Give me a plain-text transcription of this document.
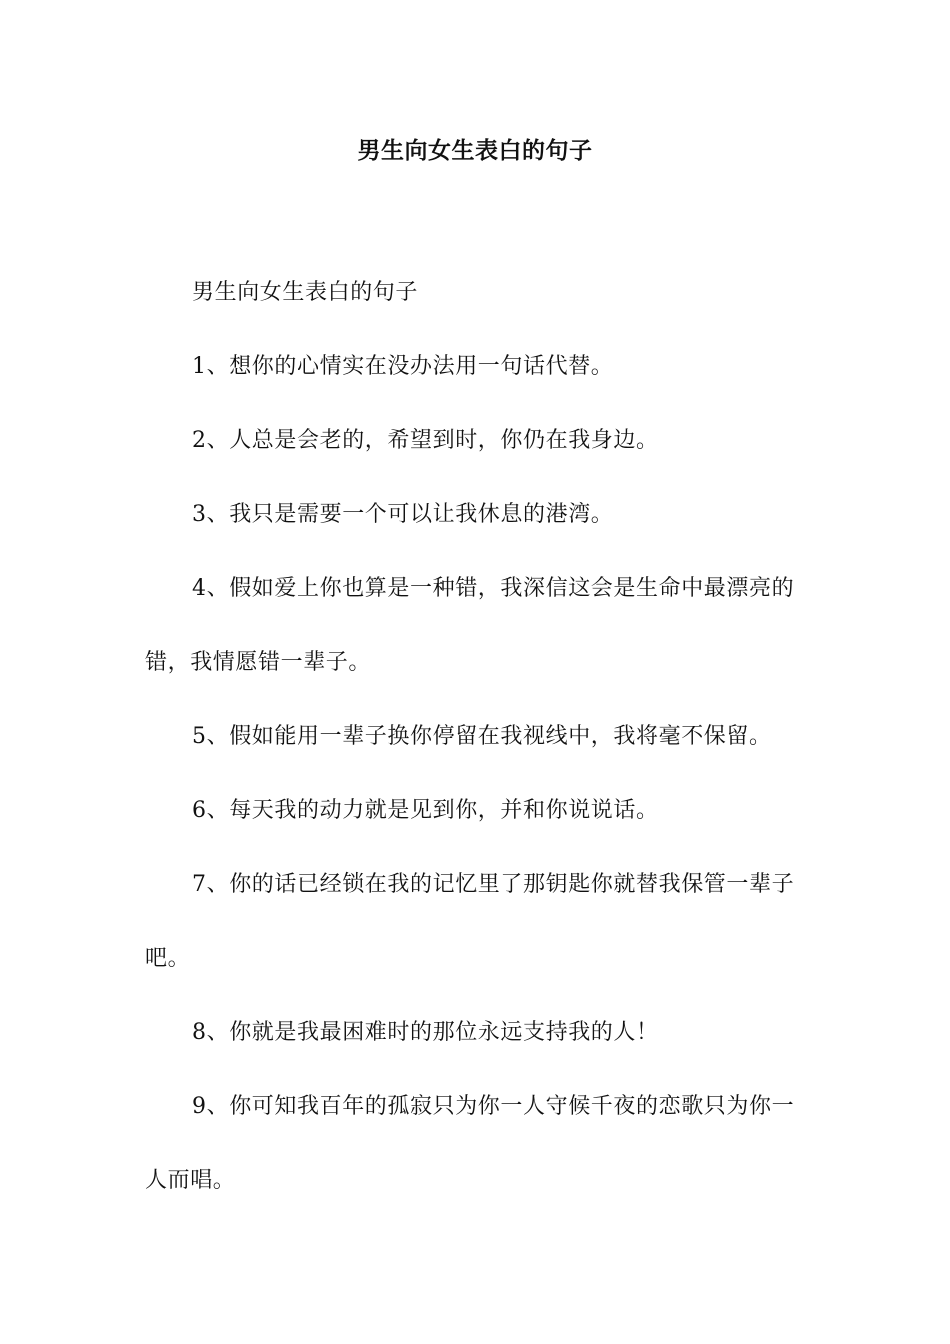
男生向女生表白的句子

男生向女生表白的句子

1、想你的心情实在没办法用一句话代替。

2、人总是会老的，希望到时，你仍在我身边。

3、我只是需要一个可以让我休息的港湾。

4、假如爱上你也算是一种错，我深信这会是生命中最漂亮的错，我情愿错一辈子。

5、假如能用一辈子换你停留在我视线中，我将毫不保留。

6、每天我的动力就是见到你，并和你说说话。

7、你的话已经锁在我的记忆里了那钥匙你就替我保管一辈子吧。

8、你就是我最困难时的那位永远支持我的人！

9、你可知我百年的孤寂只为你一人守候千夜的恋歌只为你一人而唱。
